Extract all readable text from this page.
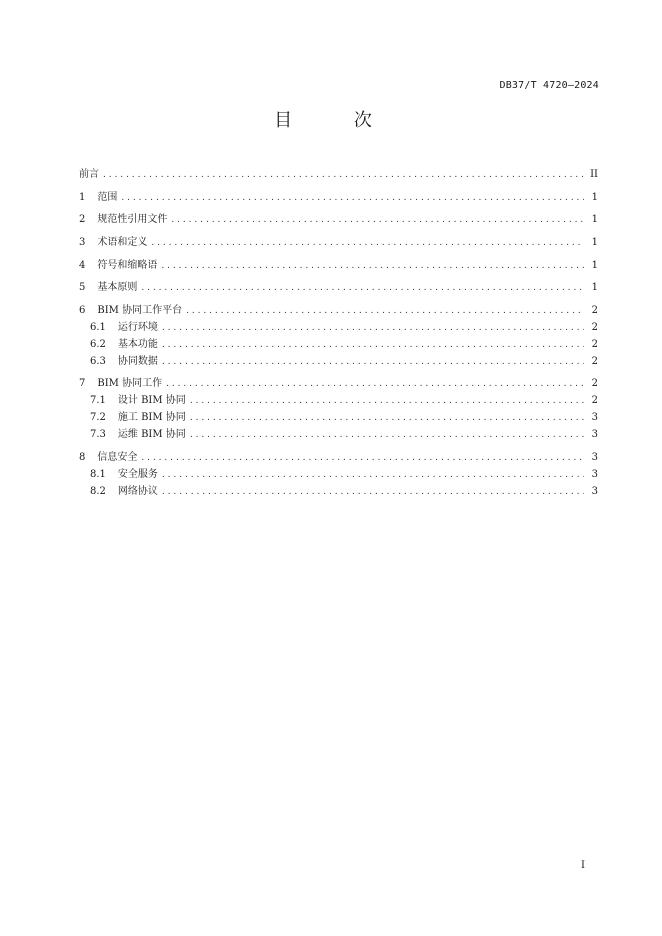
DB37/T 4720—2024
目 次
前言 .....	II
1 范围 .....	1
2 规范性引用文件 .....	1
3 术语和定义 .....	1
4 符号和缩略语 .....	1
5 基本原则 .....	1
6 BIM 协同工作平台 .....	2
6.1 运行环境 .....	2
6.2 基本功能 .....	2
6.3 协同数据 .....	2
7 BIM 协同工作 .....	2
7.1 设计 BIM 协同 .....	2
7.2 施工 BIM 协同 .....	3
7.3 运维 BIM 协同 .....	3
8 信息安全 .....	3
8.1 安全服务 .....	3
8.2 网络协议 .....	3
I
